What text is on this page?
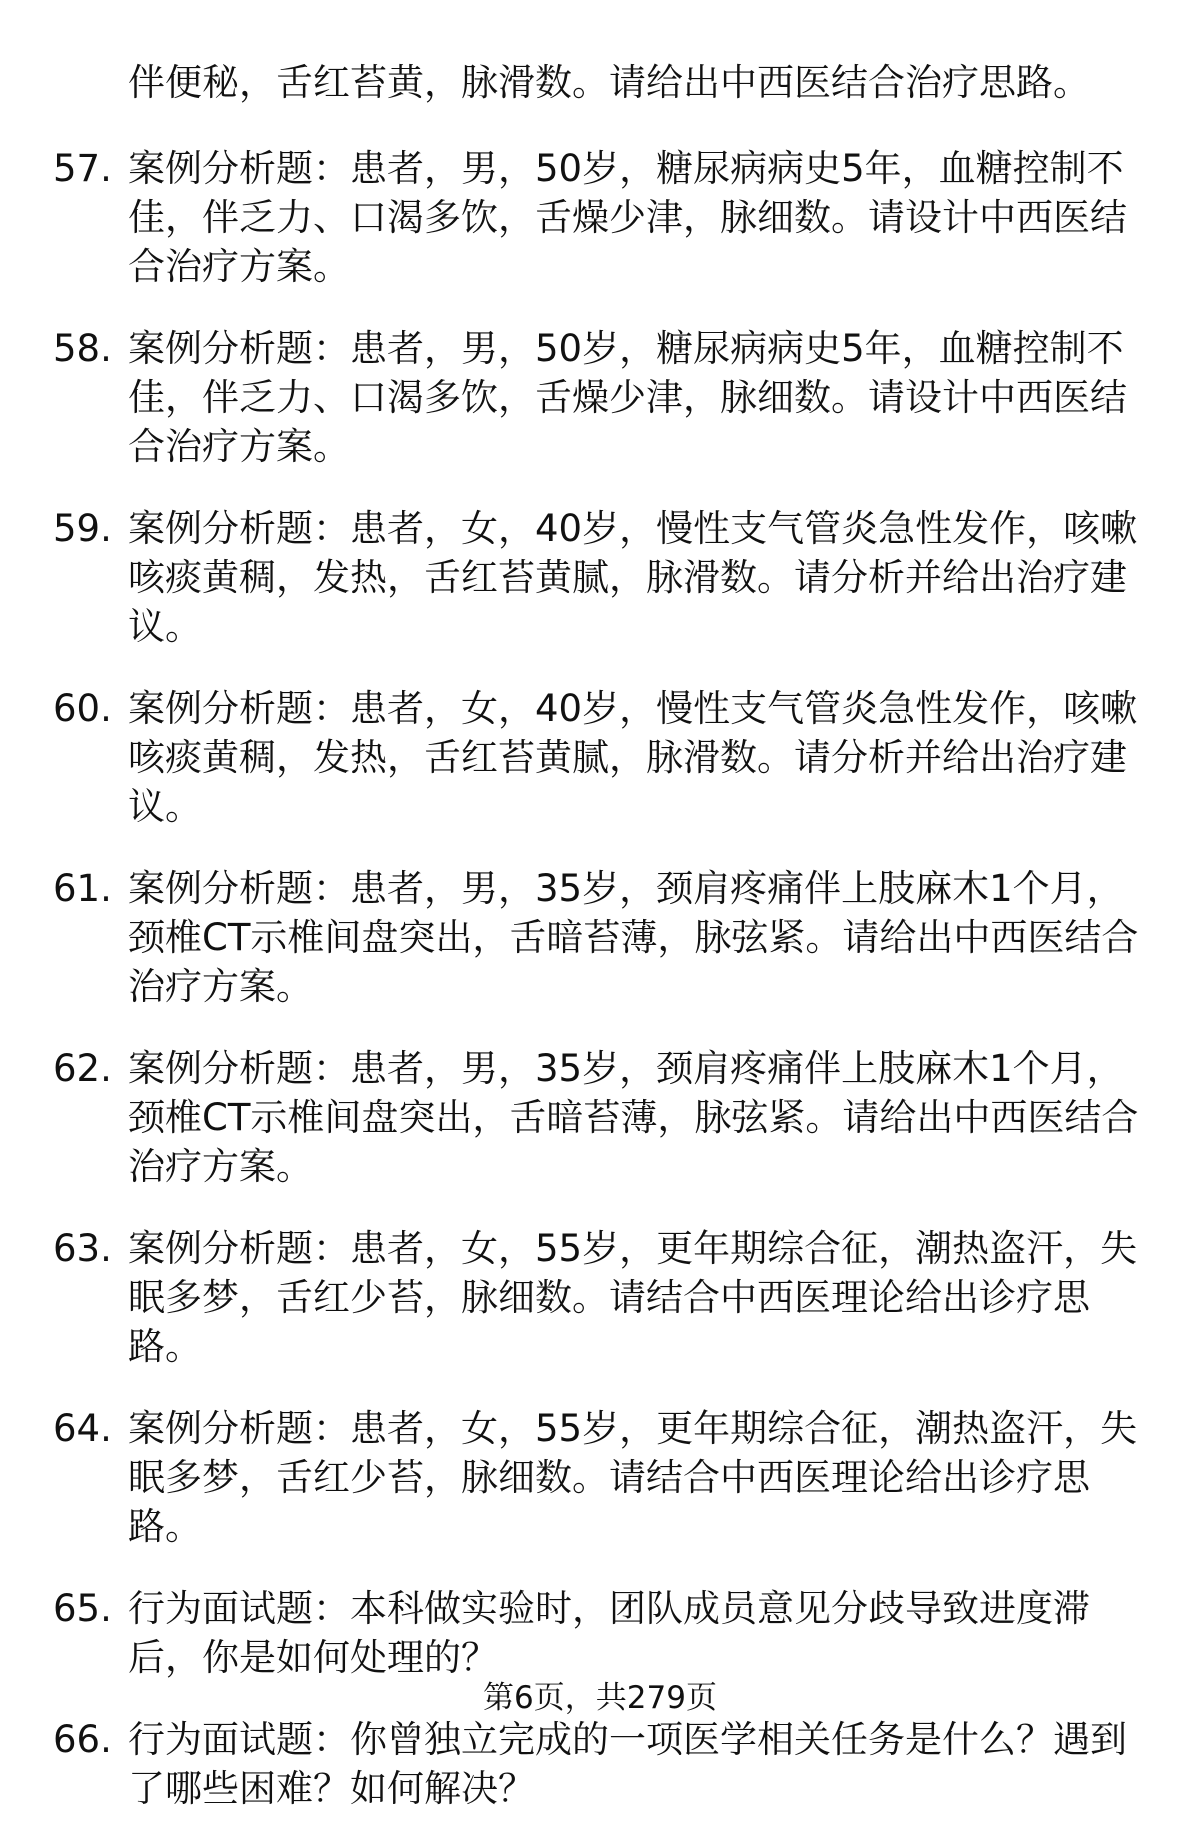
伴便秘，舌红苔黄，脉滑数。请给出中西医结合治疗思路。
57. 案例分析题：患者，男，50岁，糖尿病病史5年，血糖控制不佳，伴乏力、口渴多饮，舌燥少津，脉细数。请设计中西医结合治疗方案。
58. 案例分析题：患者，男，50岁，糖尿病病史5年，血糖控制不佳，伴乏力、口渴多饮，舌燥少津，脉细数。请设计中西医结合治疗方案。
59. 案例分析题：患者，女，40岁，慢性支气管炎急性发作，咳嗽咳痰黄稠，发热，舌红苔黄腻，脉滑数。请分析并给出治疗建议。
60. 案例分析题：患者，女，40岁，慢性支气管炎急性发作，咳嗽咳痰黄稠，发热，舌红苔黄腻，脉滑数。请分析并给出治疗建议。
61. 案例分析题：患者，男，35岁，颈肩疼痛伴上肢麻木1个月，颈椎CT示椎间盘突出，舌暗苔薄，脉弦紧。请给出中西医结合治疗方案。
62. 案例分析题：患者，男，35岁，颈肩疼痛伴上肢麻木1个月，颈椎CT示椎间盘突出，舌暗苔薄，脉弦紧。请给出中西医结合治疗方案。
63. 案例分析题：患者，女，55岁，更年期综合征，潮热盗汗，失眠多梦，舌红少苔，脉细数。请结合中西医理论给出诊疗思路。
64. 案例分析题：患者，女，55岁，更年期综合征，潮热盗汗，失眠多梦，舌红少苔，脉细数。请结合中西医理论给出诊疗思路。
65. 行为面试题：本科做实验时，团队成员意见分歧导致进度滞后，你是如何处理的？
66. 行为面试题：你曾独立完成的一项医学相关任务是什么？遇到了哪些困难？如何解决？
第6页，共279页
